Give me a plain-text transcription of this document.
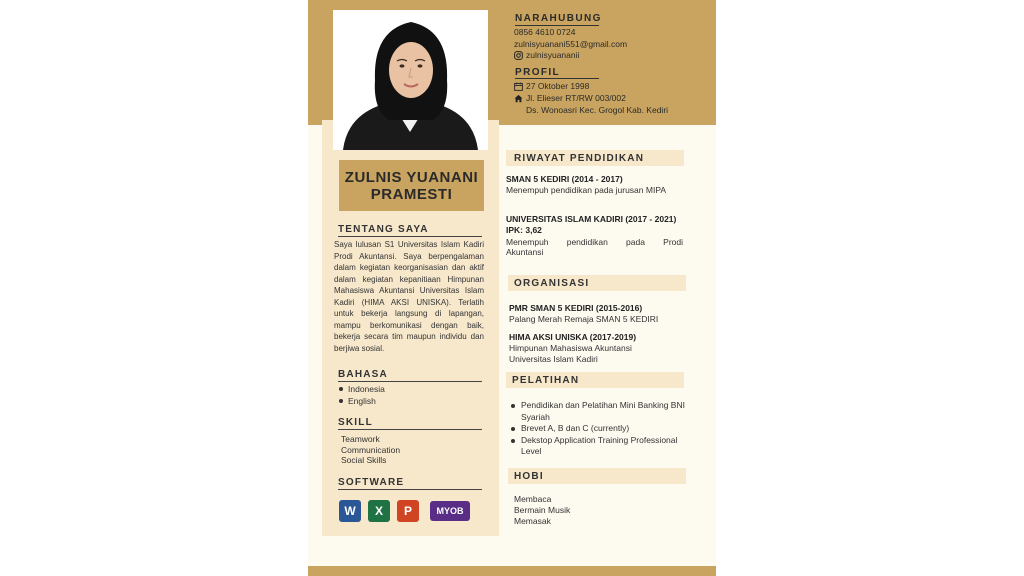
ZULNIS YUANANI
PRAMESTI
TENTANG SAYA
Saya lulusan S1 Universitas Islam Kadiri Prodi Akuntansi. Saya berpengalaman dalam kegiatan keorganisasian dan aktif dalam kegiatan kepanitiaan Himpunan Mahasiswa Akuntansi Universitas Islam Kadiri (HIMA AKSI UNISKA). Terlatih untuk bekerja langsung di lapangan, mampu berkomunikasi dengan baik, bekerja secara tim maupun individu dan berjiwa sosial.
BAHASA
Indonesia
English
SKILL
Teamwork
Communication
Social Skills
SOFTWARE
W	X	P	MYOB
NARAHUBUNG
0856 4610 0724
zulnisyuanani551@gmail.com
zulnisyuananii
PROFIL
27 Oktober 1998
Jl. Elieser RT/RW 003/002
Ds. Wonoasri Kec. Grogol Kab. Kediri
RIWAYAT PENDIDIKAN
SMAN 5 KEDIRI (2014 - 2017)
Menempuh pendidikan pada jurusan MIPA
UNIVERSITAS ISLAM KADIRI (2017 - 2021)
IPK: 3,62
Menempuh pendidikan pada Prodi
Akuntansi
ORGANISASI
PMR SMAN 5 KEDIRI (2015-2016)
Palang Merah Remaja SMAN 5 KEDIRI
HIMA AKSI UNISKA (2017-2019)
Himpunan Mahasiswa Akuntansi
Universitas Islam Kadiri
PELATIHAN
Pendidikan dan Pelatihan Mini Banking BNI Syariah
Brevet A, B dan C (currently)
Dekstop Application Training Professional Level
HOBI
Membaca
Bermain Musik
Memasak
